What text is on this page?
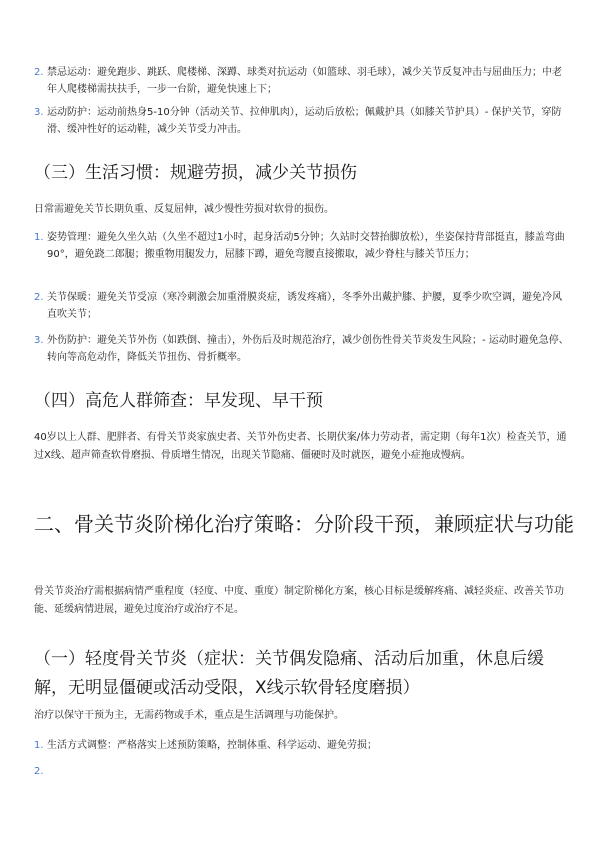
2. 禁忌运动：避免跑步、跳跃、爬楼梯、深蹲、球类对抗运动（如篮球、羽毛球），减少关节反复冲击与屈曲压力；中老年人爬楼梯需扶扶手，一步一台阶，避免快速上下；
3. 运动防护：运动前热身5-10分钟（活动关节、拉伸肌肉），运动后放松；佩戴护具（如膝关节护具）- 保护关节，穿防滑、缓冲性好的运动鞋，减少关节受力冲击。
（三）生活习惯：规避劳损，减少关节损伤
日常需避免关节长期负重、反复屈伸，减少慢性劳损对软骨的损伤。
1. 姿势管理：避免久坐久站（久坐不超过1小时，起身活动5分钟；久站时交替抬脚放松），坐姿保持背部挺直，膝盖弯曲90°，避免跷二郎腿；搬重物用腿发力，屈膝下蹲，避免弯腰直接搬取，减少脊柱与膝关节压力；
2. 关节保暖：避免关节受凉（寒冷刺激会加重滑膜炎症，诱发疼痛），冬季外出戴护膝、护腰，夏季少吹空调，避免冷风直吹关节；
3. 外伤防护：避免关节外伤（如跌倒、撞击），外伤后及时规范治疗，减少创伤性骨关节炎发生风险；- 运动时避免急停、转向等高危动作，降低关节扭伤、骨折概率。
（四）高危人群筛查：早发现、早干预
40岁以上人群、肥胖者、有骨关节炎家族史者、关节外伤史者、长期伏案/体力劳动者，需定期（每年1次）检查关节，通过X线、超声筛查软骨磨损、骨质增生情况，出现关节隐痛、僵硬时及时就医，避免小症拖成慢病。
二、骨关节炎阶梯化治疗策略：分阶段干预，兼顾症状与功能
骨关节炎治疗需根据病情严重程度（轻度、中度、重度）制定阶梯化方案，核心目标是缓解疼痛、减轻炎症、改善关节功能、延缓病情进展，避免过度治疗或治疗不足。
（一）轻度骨关节炎（症状：关节偶发隐痛、活动后加重，休息后缓解，无明显僵硬或活动受限，X线示软骨轻度磨损）
治疗以保守干预为主，无需药物或手术，重点是生活调理与功能保护。
1. 生活方式调整：严格落实上述预防策略，控制体重、科学运动、避免劳损；
2.
